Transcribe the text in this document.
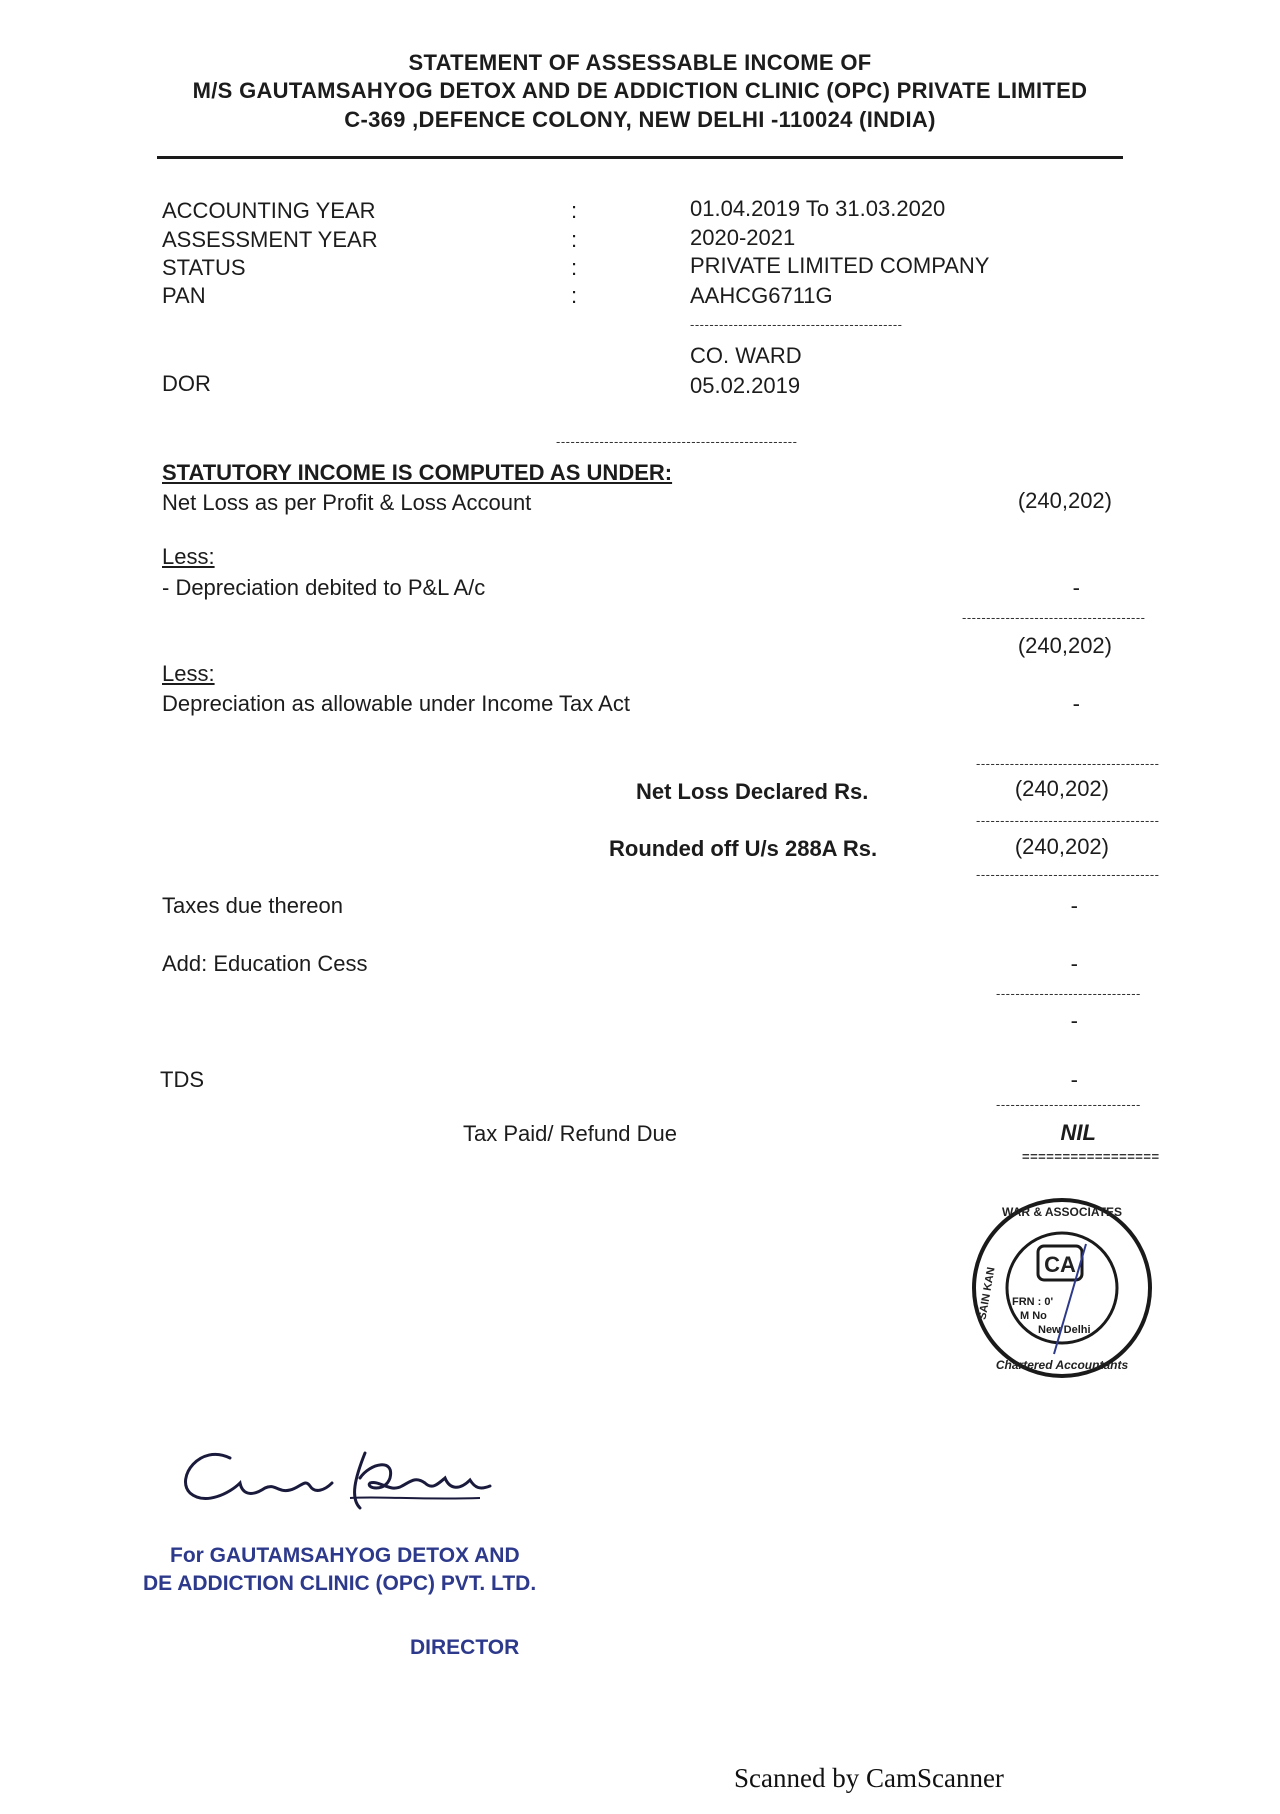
STATEMENT OF ASSESSABLE INCOME OF
M/S GAUTAMSAHYOG DETOX AND DE ADDICTION CLINIC (OPC) PRIVATE LIMITED
C-369 ,DEFENCE COLONY, NEW DELHI -110024 (INDIA)
ACCOUNTING YEAR	:	01.04.2019 To 31.03.2020
ASSESSMENT YEAR	:	2020-2021
STATUS	:	PRIVATE LIMITED COMPANY
PAN	:	AAHCG6711G
--------------------------------------------
CO. WARD
DOR	05.02.2019
--------------------------------------------------
STATUTORY INCOME IS COMPUTED AS UNDER:
Net Loss as per Profit & Loss Account	(240,202)
Less:
- Depreciation debited to P&L A/c	-
--------------------------------------
(240,202)
Less:
Depreciation as allowable under Income Tax Act	-
--------------------------------------
Net Loss Declared Rs.	(240,202)
--------------------------------------
Rounded off U/s 288A Rs.	(240,202)
--------------------------------------
Taxes due thereon	-
Add: Education Cess	-
------------------------------
-
TDS	-
------------------------------
Tax Paid/ Refund Due	NIL
=================
WAR & ASSOCIATES
Chartered Accountants
SAIN KAN
CA
FRN : 0'
M No
New Delhi
For GAUTAMSAHYOG DETOX AND
DE ADDICTION CLINIC (OPC) PVT. LTD.
DIRECTOR
Scanned by CamScanner
